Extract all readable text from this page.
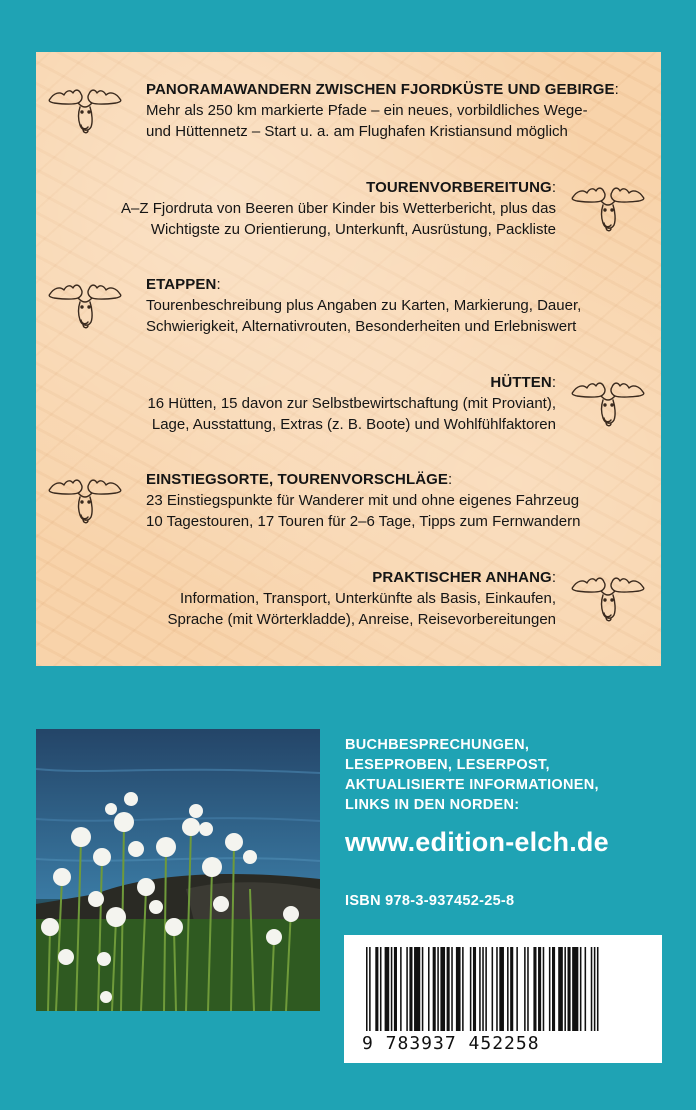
PANORAMAWANDERN ZWISCHEN FJORDKÜSTE UND GEBIRGE:
Mehr als 250 km markierte Pfade – ein neues, vorbildliches Wege-
und Hüttennetz – Start u. a. am Flughafen Kristiansund möglich
TOURENVORBEREITUNG:
A–Z Fjordruta von Beeren über Kinder bis Wetterbericht, plus das
Wichtigste zu Orientierung, Unterkunft, Ausrüstung, Packliste
ETAPPEN:
Tourenbeschreibung plus Angaben zu Karten, Markierung, Dauer,
Schwierigkeit, Alternativrouten, Besonderheiten und Erlebniswert
HÜTTEN:
16 Hütten, 15 davon zur Selbstbewirtschaftung (mit Proviant),
Lage, Ausstattung, Extras (z. B. Boote) und Wohlfühlfaktoren
EINSTIEGSORTE, TOURENVORSCHLÄGE:
23 Einstiegspunkte für Wanderer mit und ohne eigenes Fahrzeug
10 Tagestouren, 17 Touren für 2–6 Tage, Tipps zum Fernwandern
PRAKTISCHER ANHANG:
Information, Transport, Unterkünfte als Basis, Einkaufen,
Sprache (mit Wörterkladde), Anreise, Reisevorbereitungen
BUCHBESPRECHUNGEN,
LESEPROBEN, LESERPOST,
AKTUALISIERTE INFORMATIONEN,
LINKS IN DEN NORDEN:
www.edition-elch.de
ISBN 978-3-937452-25-8
9 783937 452258
